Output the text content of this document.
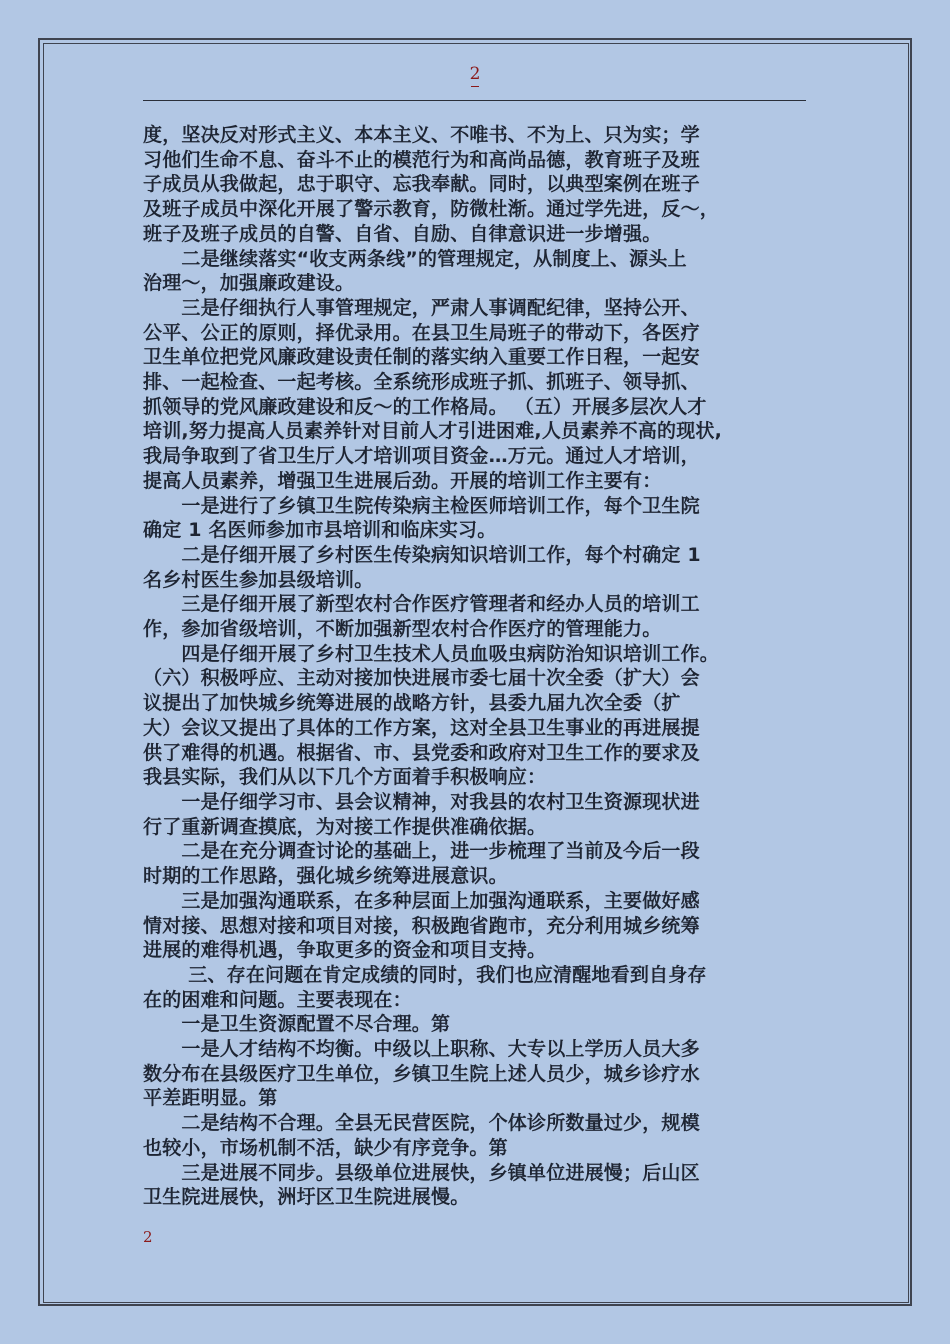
2

度，坚决反对形式主义、本本主义、不唯书、不为上、只为实；学

习他们生命不息、奋斗不止的模范行为和高尚品德，教育班子及班

子成员从我做起，忠于职守、忘我奉献。同时，以典型案例在班子

及班子成员中深化开展了警示教育，防微杜渐。通过学先进，反～，

班子及班子成员的自警、自省、自励、自律意识进一步增强。

　　二是继续落实“收支两条线”的管理规定，从制度上、源头上

治理～，加强廉政建设。

　　三是仔细执行人事管理规定，严肃人事调配纪律，坚持公开、

公平、公正的原则，择优录用。在县卫生局班子的带动下，各医疗

卫生单位把党风廉政建设责任制的落实纳入重要工作日程，一起安

排、一起检查、一起考核。全系统形成班子抓、抓班子、领导抓、

抓领导的党风廉政建设和反～的工作格局。 （五）开展多层次人才

培训,努力提高人员素养针对目前人才引进困难,人员素养不高的现状,

我局争取到了省卫生厅人才培训项目资金…万元。通过人才培训，

提高人员素养，增强卫生进展后劲。开展的培训工作主要有：

　　一是进行了乡镇卫生院传染病主检医师培训工作，每个卫生院

确定 1 名医师参加市县培训和临床实习。

　　二是仔细开展了乡村医生传染病知识培训工作，每个村确定 1

名乡村医生参加县级培训。

　　三是仔细开展了新型农村合作医疗管理者和经办人员的培训工

作，参加省级培训，不断加强新型农村合作医疗的管理能力。

　　四是仔细开展了乡村卫生技术人员血吸虫病防治知识培训工作。

（六）积极呼应、主动对接加快进展市委七届十次全委（扩大）会

议提出了加快城乡统筹进展的战略方针，县委九届九次全委（扩

大）会议又提出了具体的工作方案，这对全县卫生事业的再进展提

供了难得的机遇。根据省、市、县党委和政府对卫生工作的要求及

我县实际，我们从以下几个方面着手积极响应：

　　一是仔细学习市、县会议精神，对我县的农村卫生资源现状进

行了重新调查摸底，为对接工作提供准确依据。

　　二是在充分调查讨论的基础上，进一步梳理了当前及今后一段

时期的工作思路，强化城乡统筹进展意识。

　　三是加强沟通联系，在多种层面上加强沟通联系，主要做好感

情对接、思想对接和项目对接，积极跑省跑市，充分利用城乡统筹

进展的难得机遇，争取更多的资金和项目支持。

　　 三、存在问题在肯定成绩的同时，我们也应清醒地看到自身存

在的困难和问题。主要表现在：

　　一是卫生资源配置不尽合理。第

　　一是人才结构不均衡。中级以上职称、大专以上学历人员大多

数分布在县级医疗卫生单位，乡镇卫生院上述人员少，城乡诊疗水

平差距明显。第

　　二是结构不合理。全县无民营医院，个体诊所数量过少，规模

也较小，市场机制不活，缺少有序竞争。第

　　三是进展不同步。县级单位进展快，乡镇单位进展慢；后山区

卫生院进展快，洲圩区卫生院进展慢。

2
